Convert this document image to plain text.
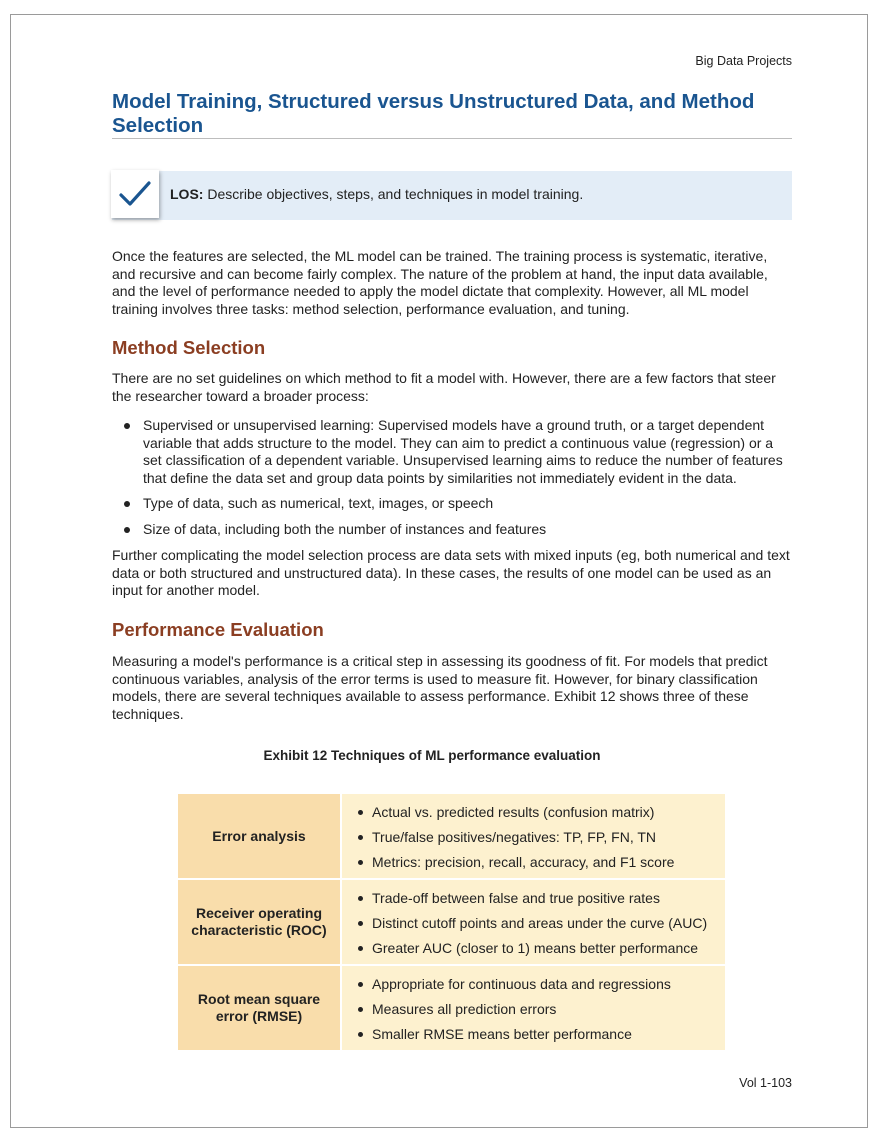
Big Data Projects
Model Training, Structured versus Unstructured Data, and Method Selection
LOS: Describe objectives, steps, and techniques in model training.

Once the features are selected, the ML model can be trained. The training process is systematic, iterative, and recursive and can become fairly complex. The nature of the problem at hand, the input data available, and the level of performance needed to apply the model dictate that complexity. However, all ML model training involves three tasks: method selection, performance evaluation, and tuning.

Method Selection

There are no set guidelines on which method to fit a model with. However, there are a few factors that steer the researcher toward a broader process:

Supervised or unsupervised learning: Supervised models have a ground truth, or a target dependent variable that adds structure to the model. They can aim to predict a continuous value (regression) or a set classification of a dependent variable. Unsupervised learning aims to reduce the number of features that define the data set and group data points by similarities not immediately evident in the data.
Type of data, such as numerical, text, images, or speech
Size of data, including both the number of instances and features

Further complicating the model selection process are data sets with mixed inputs (eg, both numerical and text data or both structured and unstructured data). In these cases, the results of one model can be used as an input for another model.

Performance Evaluation

Measuring a model's performance is a critical step in assessing its goodness of fit. For models that predict continuous variables, analysis of the error terms is used to measure fit. However, for binary classification models, there are several techniques available to assess performance. Exhibit 12 shows three of these techniques.

Exhibit 12 Techniques of ML performance evaluation
Error analysis
Actual vs. predicted results (confusion matrix)
True/false positives/negatives: TP, FP, FN, TN
Metrics: precision, recall, accuracy, and F1 score
Receiver operating characteristic (ROC)
Trade-off between false and true positive rates
Distinct cutoff points and areas under the curve (AUC)
Greater AUC (closer to 1) means better performance
Root mean square error (RMSE)
Appropriate for continuous data and regressions
Measures all prediction errors
Smaller RMSE means better performance
Vol 1-103
